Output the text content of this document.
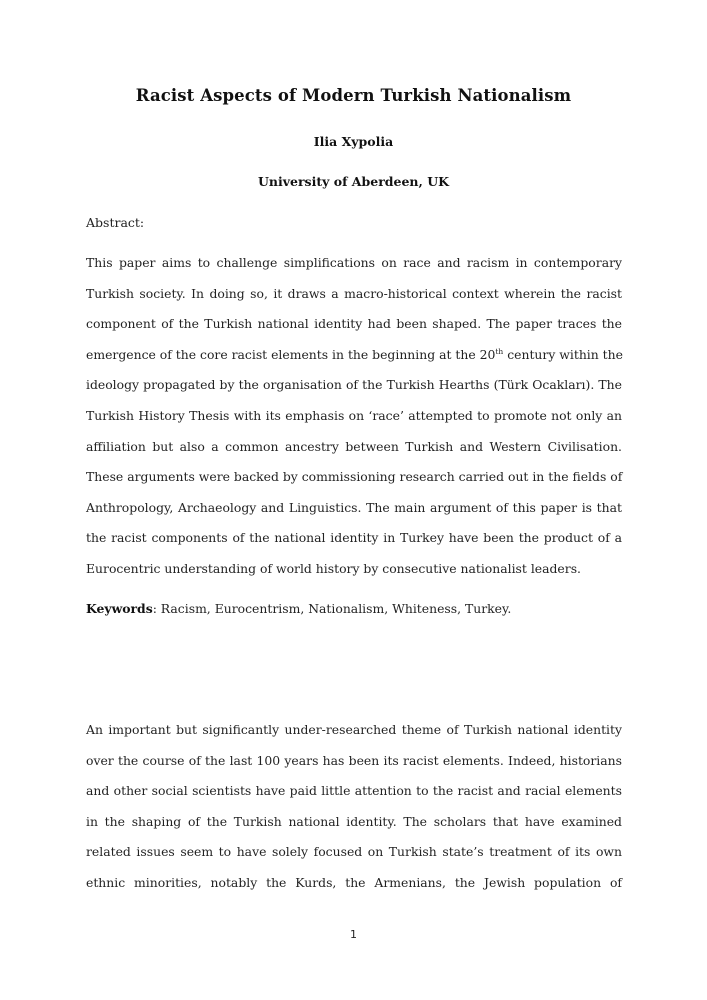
Racist Aspects of Modern Turkish Nationalism
Ilia Xypolia
University of Aberdeen, UK
Abstract:
This paper aims to challenge simplifications on race and racism in contemporary
Turkish society. In doing so, it draws a macro-historical context wherein the racist
component of the Turkish national identity had been shaped. The paper traces the
emergence of the core racist elements in the beginning at the 20th century within the
ideology propagated by the organisation of the Turkish Hearths (Türk Ocakları). The
Turkish History Thesis with its emphasis on ‘race’ attempted to promote not only an
affiliation but also a common ancestry between Turkish and Western Civilisation.
These arguments were backed by commissioning research carried out in the fields of
Anthropology, Archaeology and Linguistics. The main argument of this paper is that
the racist components of the national identity in Turkey have been the product of a
Eurocentric understanding of world history by consecutive nationalist leaders.
Keywords: Racism, Eurocentrism, Nationalism, Whiteness, Turkey.
An important but significantly under-researched theme of Turkish national identity
over the course of the last 100 years has been its racist elements. Indeed, historians
and other social scientists have paid little attention to the racist and racial elements
in the shaping of the Turkish national identity. The scholars that have examined
related issues seem to have solely focused on Turkish state’s treatment of its own
ethnic minorities, notably the Kurds, the Armenians, the Jewish population of
1
